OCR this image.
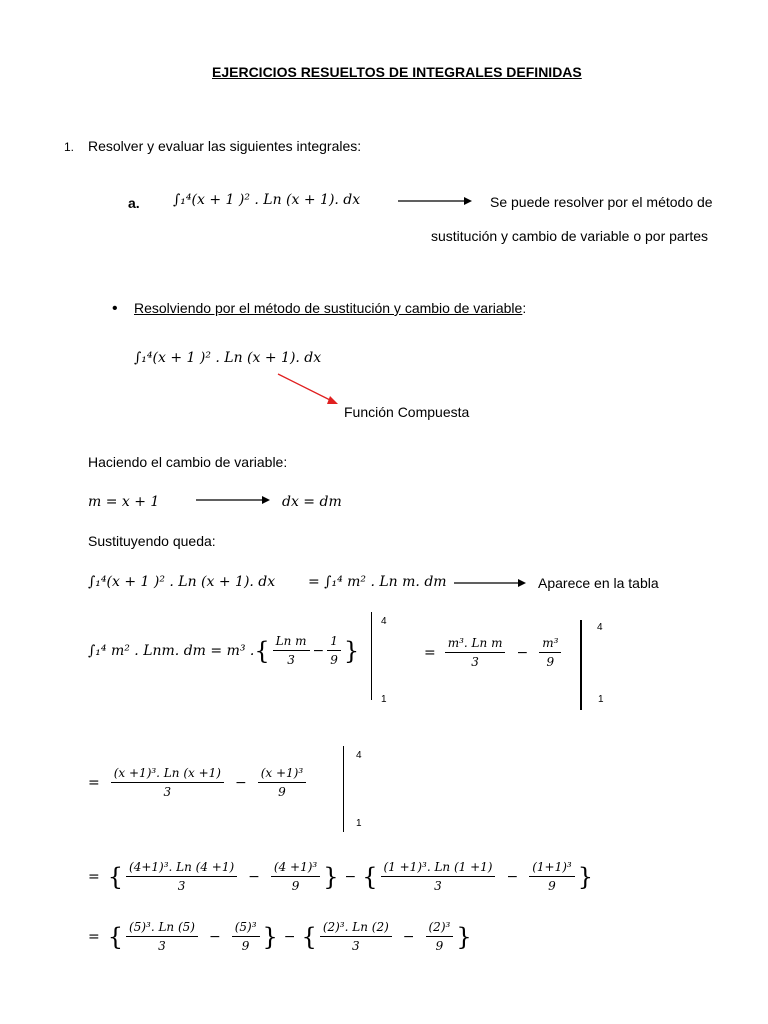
EJERCICIOS RESUELTOS DE INTEGRALES DEFINIDAS
1. Resolver y evaluar las siguientes integrales:
a. ∫₁⁴(x + 1 )² . Ln (x + 1). dx	Se puede resolver por el método de
sustitución y cambio de variable o por partes
• Resolviendo por el método de sustitución y cambio de variable:
∫₁⁴(x + 1 )² . Ln (x + 1). dx
Función Compuesta
Haciendo el cambio de variable:
m = x + 1	dx = dm
Sustituyendo queda:
∫₁⁴(x + 1 )² . Ln (x + 1). dx = ∫₁⁴ m² . Ln m. dm	Aparece en la tabla
∫₁⁴ m² . Lnm. dm = m³ . { $\frac{\text{Ln m}}{3} - \frac{1}{9}$ }
4
1
= $\frac{\text{m³. Ln m}}{3} - \frac{\text{m³}}{9}$
4
1
= $\frac{\text{(x +1)³. Ln (x +1)}}{3} - \frac{\text{(x +1)³}}{9}$
4
1
= { $\frac{\text{(4+1)³. Ln (4 +1)}}{3} - \frac{\text{(4 +1)³}}{9}$ } − { $\frac{\text{(1 +1)³. Ln (1 +1)}}{3} - \frac{\text{(1+1)³}}{9}$ }
= { $\frac{\text{(5)³. Ln (5)}}{3} - \frac{\text{(5)³}}{9}$ } − { $\frac{\text{(2)³. Ln (2)}}{3} - \frac{\text{(2)³}}{9}$ }
